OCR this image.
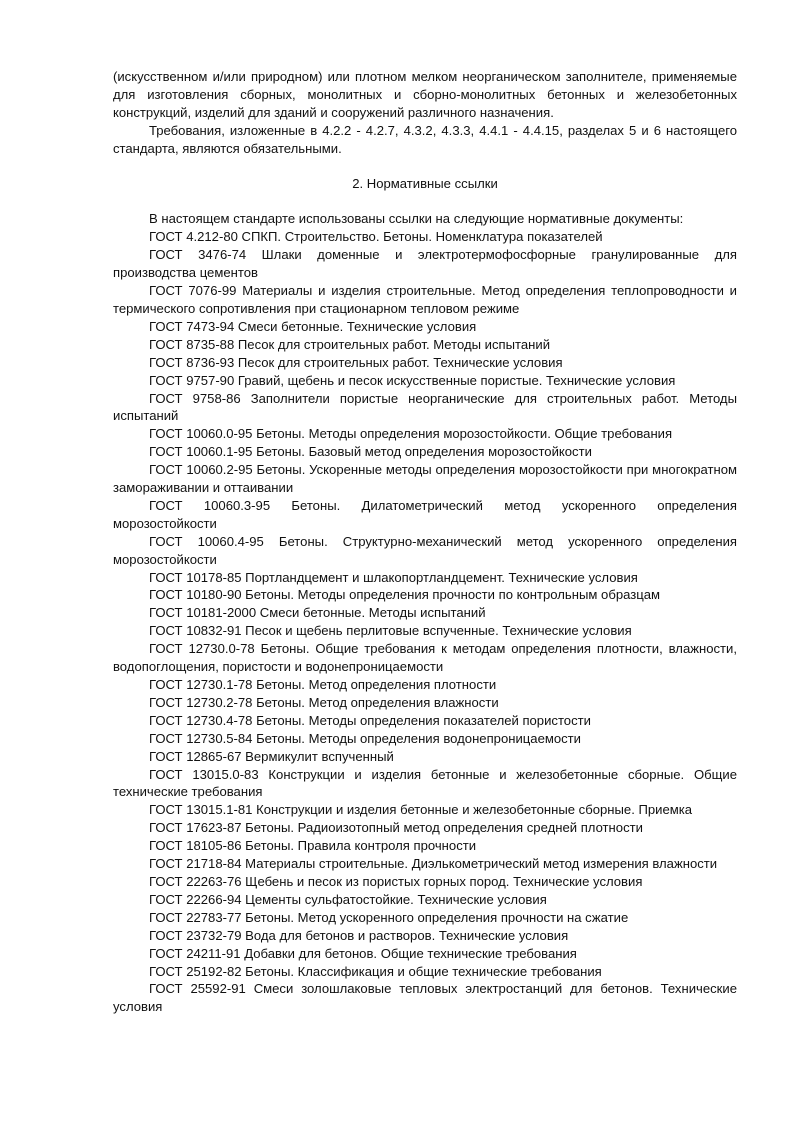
(искусственном и/или природном) или плотном мелком неорганическом заполнителе, применяемые для изготовления сборных, монолитных и сборно-монолитных бетонных и железобетонных конструкций, изделий для зданий и сооружений различного назначения.

Требования, изложенные в 4.2.2 - 4.2.7, 4.3.2, 4.3.3, 4.4.1 - 4.4.15, разделах 5 и 6 настоящего стандарта, являются обязательными.

2. Нормативные ссылки

В настоящем стандарте использованы ссылки на следующие нормативные документы:

ГОСТ 4.212-80 СПКП. Строительство. Бетоны. Номенклатура показателей

ГОСТ 3476-74 Шлаки доменные и электротермофосфорные гранулированные для производства цементов

ГОСТ 7076-99 Материалы и изделия строительные. Метод определения теплопроводности и термического сопротивления при стационарном тепловом режиме

ГОСТ 7473-94 Смеси бетонные. Технические условия

ГОСТ 8735-88 Песок для строительных работ. Методы испытаний

ГОСТ 8736-93 Песок для строительных работ. Технические условия

ГОСТ 9757-90 Гравий, щебень и песок искусственные пористые. Технические условия

ГОСТ 9758-86 Заполнители пористые неорганические для строительных работ. Методы испытаний

ГОСТ 10060.0-95 Бетоны. Методы определения морозостойкости. Общие требования

ГОСТ 10060.1-95 Бетоны. Базовый метод определения морозостойкости

ГОСТ 10060.2-95 Бетоны. Ускоренные методы определения морозостойкости при многократном замораживании и оттаивании

ГОСТ 10060.3-95 Бетоны. Дилатометрический метод ускоренного определения морозостойкости

ГОСТ 10060.4-95 Бетоны. Структурно-механический метод ускоренного определения морозостойкости

ГОСТ 10178-85 Портландцемент и шлакопортландцемент. Технические условия

ГОСТ 10180-90 Бетоны. Методы определения прочности по контрольным образцам

ГОСТ 10181-2000 Смеси бетонные. Методы испытаний

ГОСТ 10832-91 Песок и щебень перлитовые вспученные. Технические условия

ГОСТ 12730.0-78 Бетоны. Общие требования к методам определения плотности, влажности, водопоглощения, пористости и водонепроницаемости

ГОСТ 12730.1-78 Бетоны. Метод определения плотности

ГОСТ 12730.2-78 Бетоны. Метод определения влажности

ГОСТ 12730.4-78 Бетоны. Методы определения показателей пористости

ГОСТ 12730.5-84 Бетоны. Методы определения водонепроницаемости

ГОСТ 12865-67 Вермикулит вспученный

ГОСТ 13015.0-83 Конструкции и изделия бетонные и железобетонные сборные. Общие технические требования

ГОСТ 13015.1-81 Конструкции и изделия бетонные и железобетонные сборные. Приемка

ГОСТ 17623-87 Бетоны. Радиоизотопный метод определения средней плотности

ГОСТ 18105-86 Бетоны. Правила контроля прочности

ГОСТ 21718-84 Материалы строительные. Диэлькометрический метод измерения влажности

ГОСТ 22263-76 Щебень и песок из пористых горных пород. Технические условия

ГОСТ 22266-94 Цементы сульфатостойкие. Технические условия

ГОСТ 22783-77 Бетоны. Метод ускоренного определения прочности на сжатие

ГОСТ 23732-79 Вода для бетонов и растворов. Технические условия

ГОСТ 24211-91 Добавки для бетонов. Общие технические требования

ГОСТ 25192-82 Бетоны. Классификация и общие технические требования

ГОСТ 25592-91 Смеси золошлаковые тепловых электростанций для бетонов. Технические условия
